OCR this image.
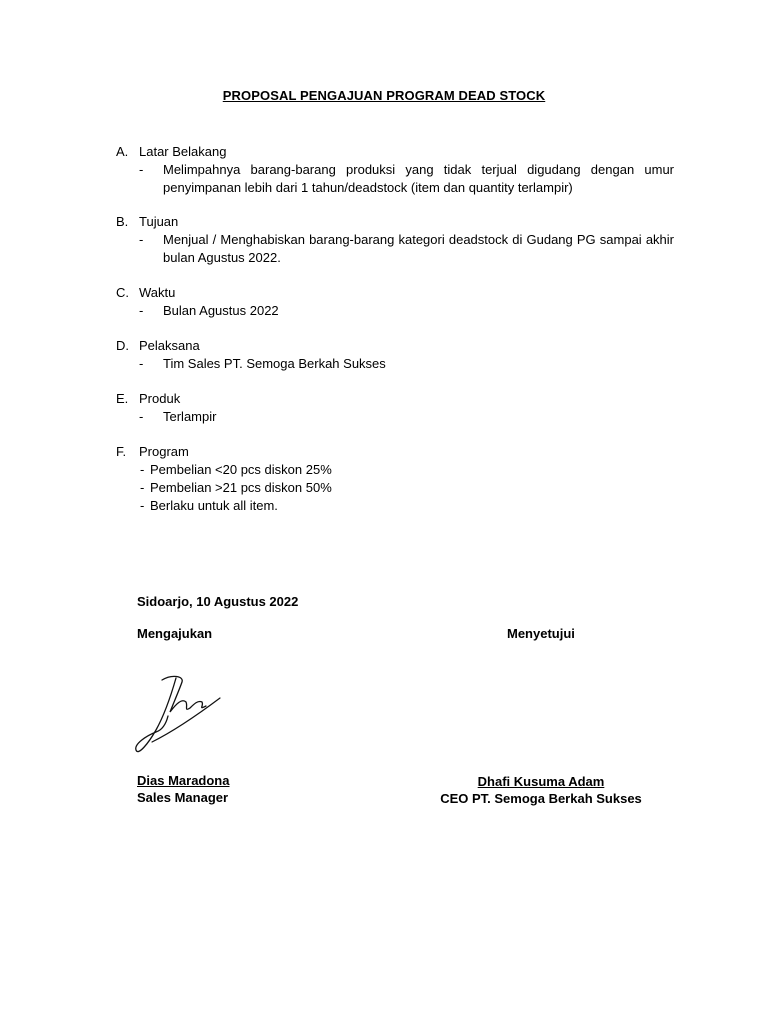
PROPOSAL PENGAJUAN PROGRAM DEAD STOCK
A. Latar Belakang
- Melimpahnya barang-barang produksi yang tidak terjual digudang dengan umur penyimpanan lebih dari 1 tahun/deadstock (item dan quantity terlampir)
B. Tujuan
- Menjual / Menghabiskan barang-barang kategori deadstock di Gudang PG sampai akhir bulan Agustus 2022.
C. Waktu
- Bulan Agustus 2022
D. Pelaksana
- Tim Sales PT. Semoga Berkah Sukses
E. Produk
- Terlampir
F. Program
- Pembelian <20 pcs diskon 25%
- Pembelian >21 pcs diskon 50%
- Berlaku untuk all item.
Sidoarjo, 10 Agustus 2022
Mengajukan	Menyetujui
Dias Maradona
Sales Manager
Dhafi Kusuma Adam
CEO PT. Semoga Berkah Sukses
